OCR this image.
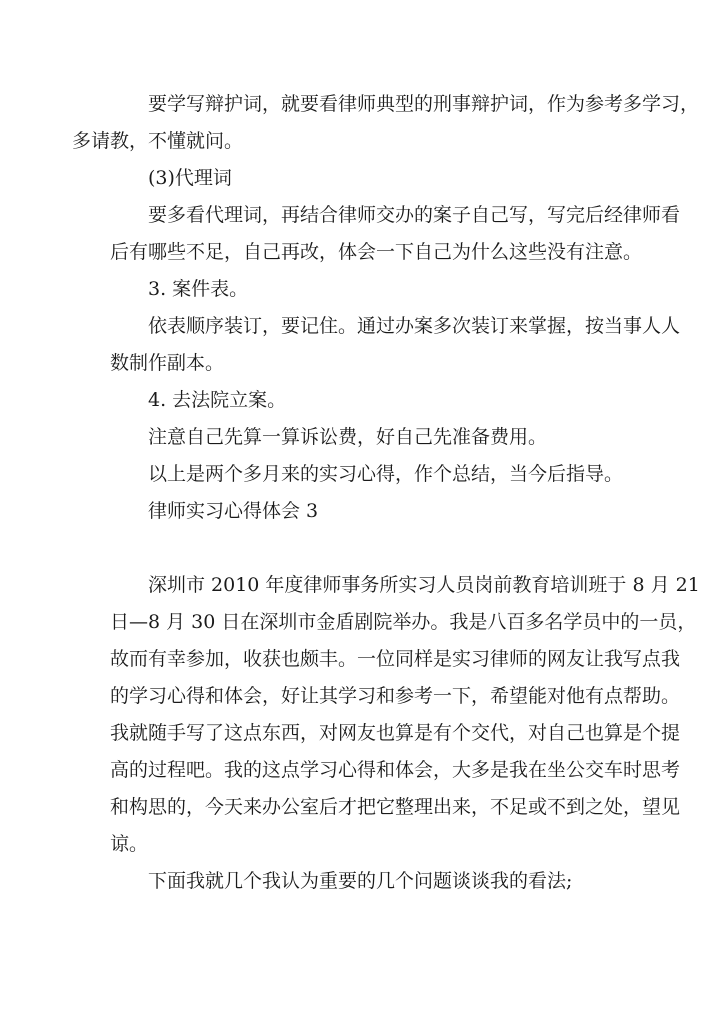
要学写辩护词，就要看律师典型的刑事辩护词，作为参考多学习，
多请教，不懂就问。

(3)代理词

要多看代理词，再结合律师交办的案子自己写，写完后经律师看
后有哪些不足，自己再改，体会一下自己为什么这些没有注意。

3. 案件表。

依表顺序装订，要记住。通过办案多次装订来掌握，按当事人人
数制作副本。

4. 去法院立案。

注意自己先算一算诉讼费，好自己先准备费用。

以上是两个多月来的实习心得，作个总结，当今后指导。

律师实习心得体会 3

深圳市 2010 年度律师事务所实习人员岗前教育培训班于 8 月 21
日—8 月 30 日在深圳市金盾剧院举办。我是八百多名学员中的一员，
故而有幸参加，收获也颇丰。一位同样是实习律师的网友让我写点我
的学习心得和体会，好让其学习和参考一下，希望能对他有点帮助。
我就随手写了这点东西，对网友也算是有个交代，对自己也算是个提
高的过程吧。我的这点学习心得和体会，大多是我在坐公交车时思考
和构思的，今天来办公室后才把它整理出来，不足或不到之处，望见
谅。

下面我就几个我认为重要的几个问题谈谈我的看法;
